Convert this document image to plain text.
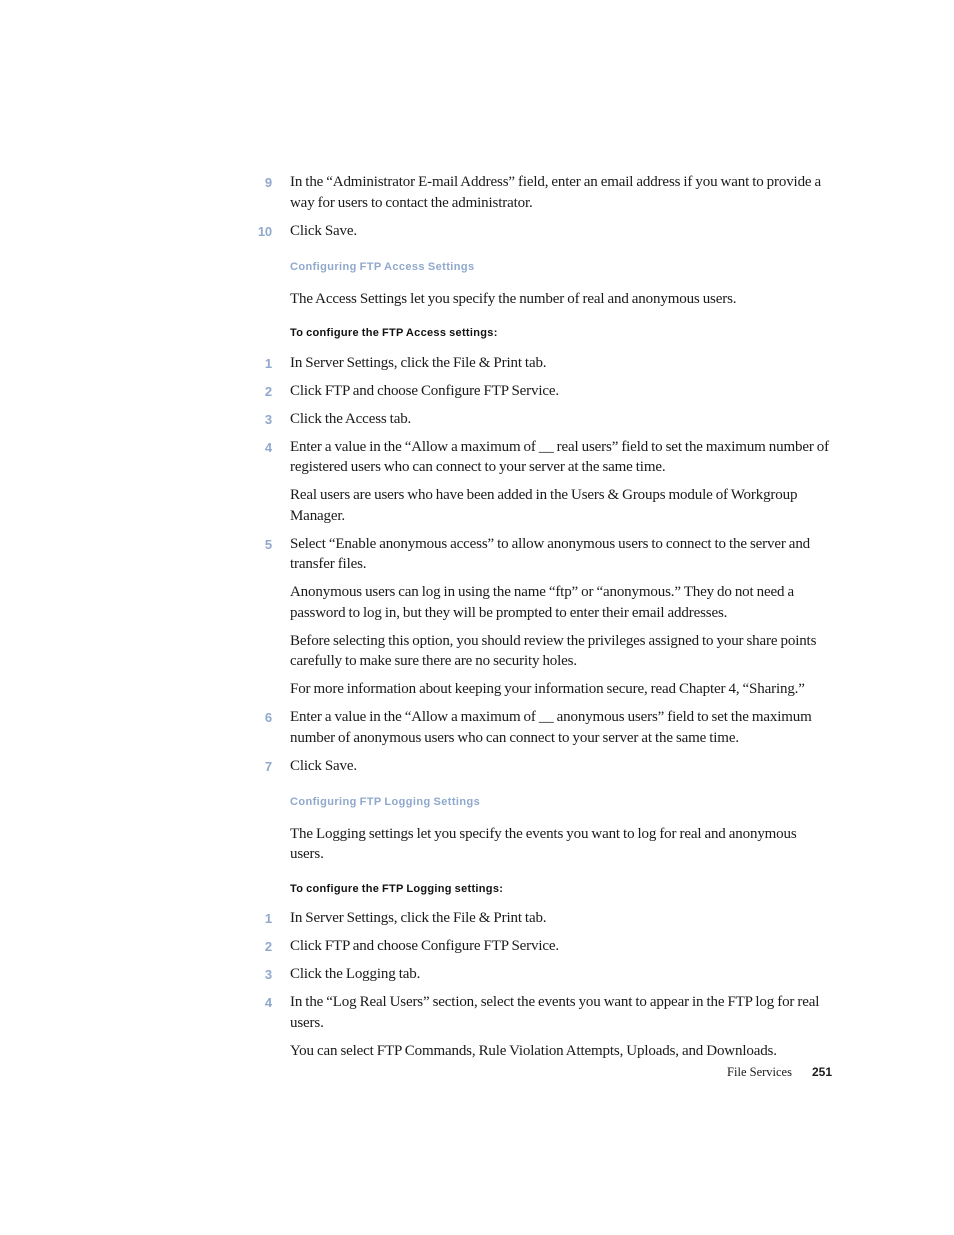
9 In the “Administrator E-mail Address” field, enter an email address if you want to provide a way for users to contact the administrator.
10 Click Save.
Configuring FTP Access Settings
The Access Settings let you specify the number of real and anonymous users.
To configure the FTP Access settings:
1 In Server Settings, click the File & Print tab.
2 Click FTP and choose Configure FTP Service.
3 Click the Access tab.
4 Enter a value in the “Allow a maximum of __ real users” field to set the maximum number of registered users who can connect to your server at the same time.
Real users are users who have been added in the Users & Groups module of Workgroup Manager.
5 Select “Enable anonymous access” to allow anonymous users to connect to the server and transfer files.
Anonymous users can log in using the name “ftp” or “anonymous.” They do not need a password to log in, but they will be prompted to enter their email addresses.
Before selecting this option, you should review the privileges assigned to your share points carefully to make sure there are no security holes.
For more information about keeping your information secure, read Chapter 4, “Sharing.”
6 Enter a value in the “Allow a maximum of __ anonymous users” field to set the maximum number of anonymous users who can connect to your server at the same time.
7 Click Save.
Configuring FTP Logging Settings
The Logging settings let you specify the events you want to log for real and anonymous users.
To configure the FTP Logging settings:
1 In Server Settings, click the File & Print tab.
2 Click FTP and choose Configure FTP Service.
3 Click the Logging tab.
4 In the “Log Real Users” section, select the events you want to appear in the FTP log for real users.
You can select FTP Commands, Rule Violation Attempts, Uploads, and Downloads.
File Services 251
